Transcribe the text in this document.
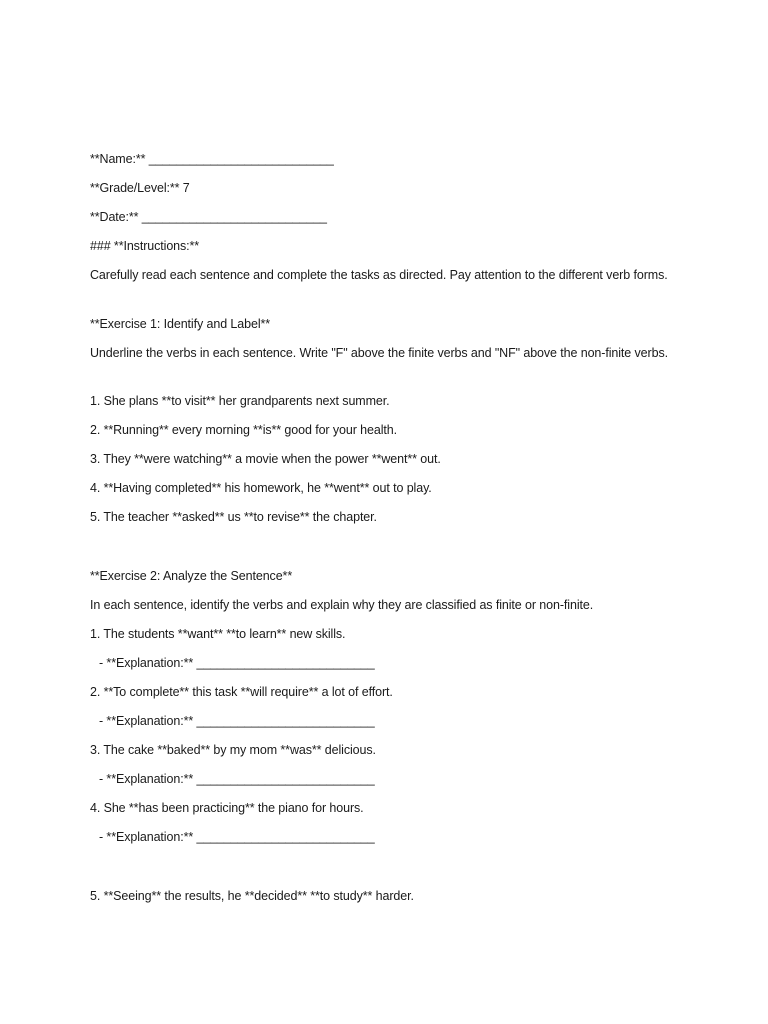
**Name:** ___________________________
**Grade/Level:** 7
**Date:** ___________________________
### **Instructions:**
Carefully read each sentence and complete the tasks as directed. Pay attention to the different verb forms.
**Exercise 1: Identify and Label**
Underline the verbs in each sentence. Write "F" above the finite verbs and "NF" above the non-finite verbs.
1. She plans **to visit** her grandparents next summer.
2. **Running** every morning **is** good for your health.
3. They **were watching** a movie when the power **went** out.
4. **Having completed** his homework, he **went** out to play.
5. The teacher **asked** us **to revise** the chapter.
**Exercise 2: Analyze the Sentence**
In each sentence, identify the verbs and explain why they are classified as finite or non-finite.
1. The students **want** **to learn** new skills.
- **Explanation:** __________________________
2. **To complete** this task **will require** a lot of effort.
- **Explanation:** __________________________
3. The cake **baked** by my mom **was** delicious.
- **Explanation:** __________________________
4. She **has been practicing** the piano for hours.
- **Explanation:** __________________________
5. **Seeing** the results, he **decided** **to study** harder.
